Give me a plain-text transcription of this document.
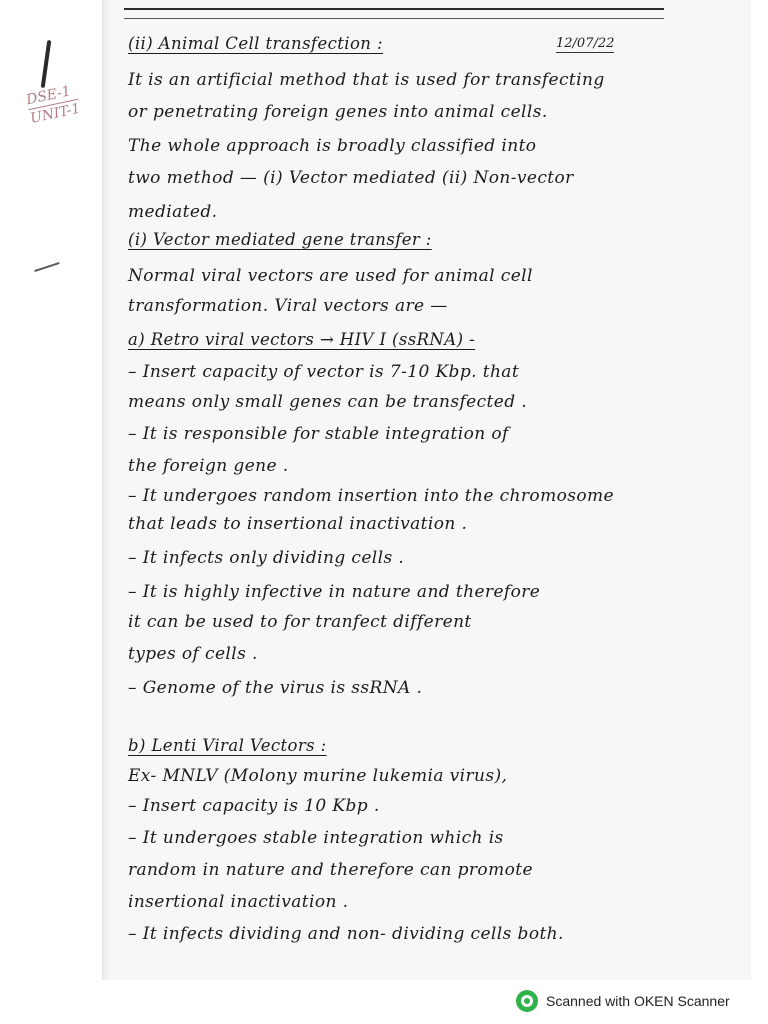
DSE-1
UNIT-1
(ii) Animal Cell transfection :	12/07/22
It is an artificial method that is used for transfecting
or penetrating foreign genes into animal cells.
The whole approach is broadly classified into
two method — (i) Vector mediated (ii) Non-vector
mediated.
(i) Vector mediated gene transfer :
Normal viral vectors are used for animal cell
transformation. Viral vectors are —
a) Retro viral vectors → HIV I (ssRNA) -
– Insert capacity of vector is 7-10 Kbp. that
means only small genes can be transfected .
– It is responsible for stable integration of
the foreign gene .
– It undergoes random insertion into the chromosome
that leads to insertional inactivation .
– It infects only dividing cells .
– It is highly infective in nature and therefore
it can be used to for tranfect different
types of cells .
– Genome of the virus is ssRNA .
b) Lenti Viral Vectors :
Ex- MNLV (Molony murine lukemia virus),
– Insert capacity is 10 Kbp .
– It undergoes stable integration which is
random in nature and therefore can promote
insertional inactivation .
– It infects dividing and non- dividing cells both.
Scanned with OKEN Scanner
